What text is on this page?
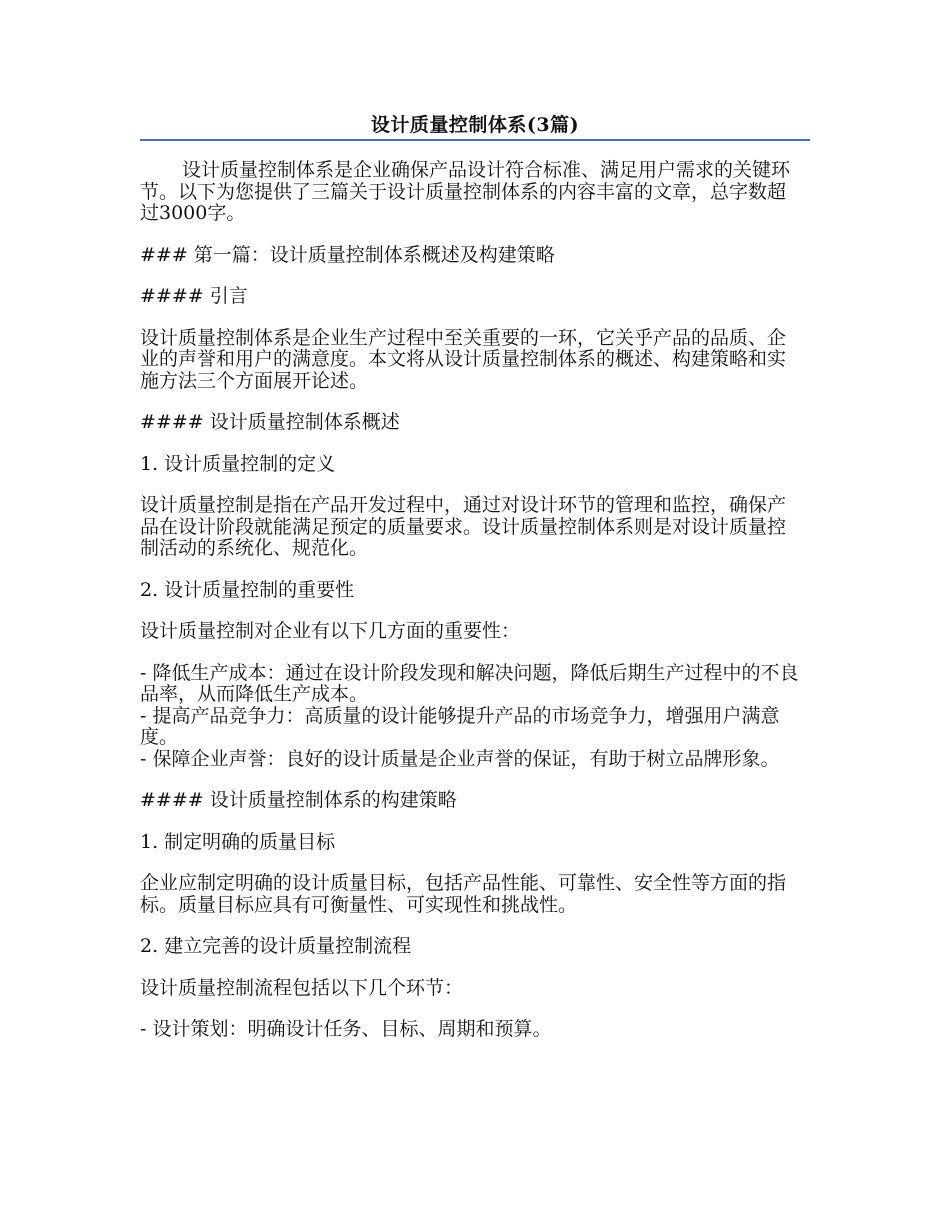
设计质量控制体系(3篇)

设计质量控制体系是企业确保产品设计符合标准、满足用户需求的关键环节。以下为您提供了三篇关于设计质量控制体系的内容丰富的文章，总字数超过3000字。

### 第一篇：设计质量控制体系概述及构建策略

#### 引言

设计质量控制体系是企业生产过程中至关重要的一环，它关乎产品的品质、企业的声誉和用户的满意度。本文将从设计质量控制体系的概述、构建策略和实施方法三个方面展开论述。

#### 设计质量控制体系概述

1. 设计质量控制的定义

设计质量控制是指在产品开发过程中，通过对设计环节的管理和监控，确保产品在设计阶段就能满足预定的质量要求。设计质量控制体系则是对设计质量控制活动的系统化、规范化。

2. 设计质量控制的重要性

设计质量控制对企业有以下几方面的重要性：

- 降低生产成本：通过在设计阶段发现和解决问题，降低后期生产过程中的不良品率，从而降低生产成本。

- 提高产品竞争力：高质量的设计能够提升产品的市场竞争力，增强用户满意度。

- 保障企业声誉：良好的设计质量是企业声誉的保证，有助于树立品牌形象。

#### 设计质量控制体系的构建策略

1. 制定明确的质量目标

企业应制定明确的设计质量目标，包括产品性能、可靠性、安全性等方面的指标。质量目标应具有可衡量性、可实现性和挑战性。

2. 建立完善的设计质量控制流程

设计质量控制流程包括以下几个环节：

- 设计策划：明确设计任务、目标、周期和预算。
